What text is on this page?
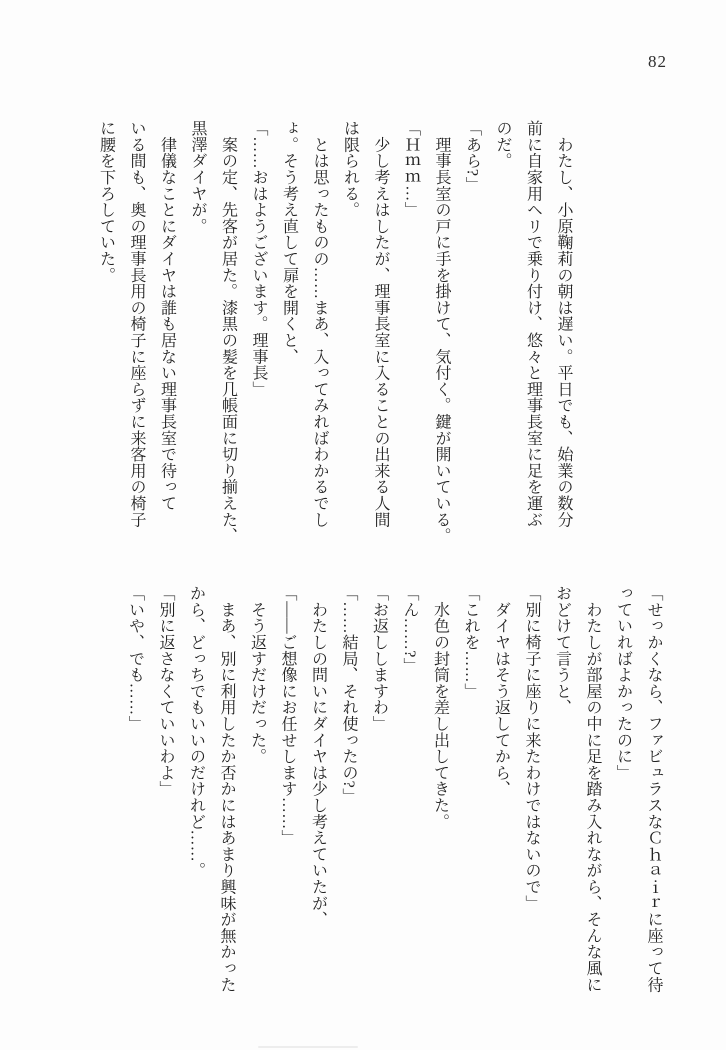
82
　わたし、小原鞠莉の朝は遅い。平日でも、始業の数分
前に自家用ヘリで乗り付け、悠々と理事長室に足を運ぶ
のだ。
「あら?」
　理事長室の戸に手を掛けて、気付く。鍵が開いている。
「Ｈｍｍ…」
　少し考えはしたが、理事長室に入ることの出来る人間
は限られる。
　とは思ったものの……まあ、入ってみればわかるでし
ょ。そう考え直して扉を開くと、
「……おはようございます。理事長」
　案の定、先客が居た。漆黒の髪を几帳面に切り揃えた、
黒澤ダイヤが。
　律儀なことにダイヤは誰も居ない理事長室で待って
いる間も、奥の理事長用の椅子に座らずに来客用の椅子
に腰を下ろしていた。
「せっかくなら、ファビュラスなＣｈａｉｒに座って待
っていればよかったのに」
　わたしが部屋の中に足を踏み入れながら、そんな風に
おどけて言うと、
「別に椅子に座りに来たわけではないので」
　ダイヤはそう返してから、
「これを……」
　水色の封筒を差し出してきた。
「ん……?」
「お返ししますわ」
「……結局、それ使ったの?」
　わたしの問いにダイヤは少し考えていたが、
「――ご想像にお任せします……」
　そう返すだけだった。
　まあ、別に利用したか否かにはあまり興味が無かった
から、どっちでもいいのだけれど……。
「別に返さなくていいわよ」
「いや、でも……」
